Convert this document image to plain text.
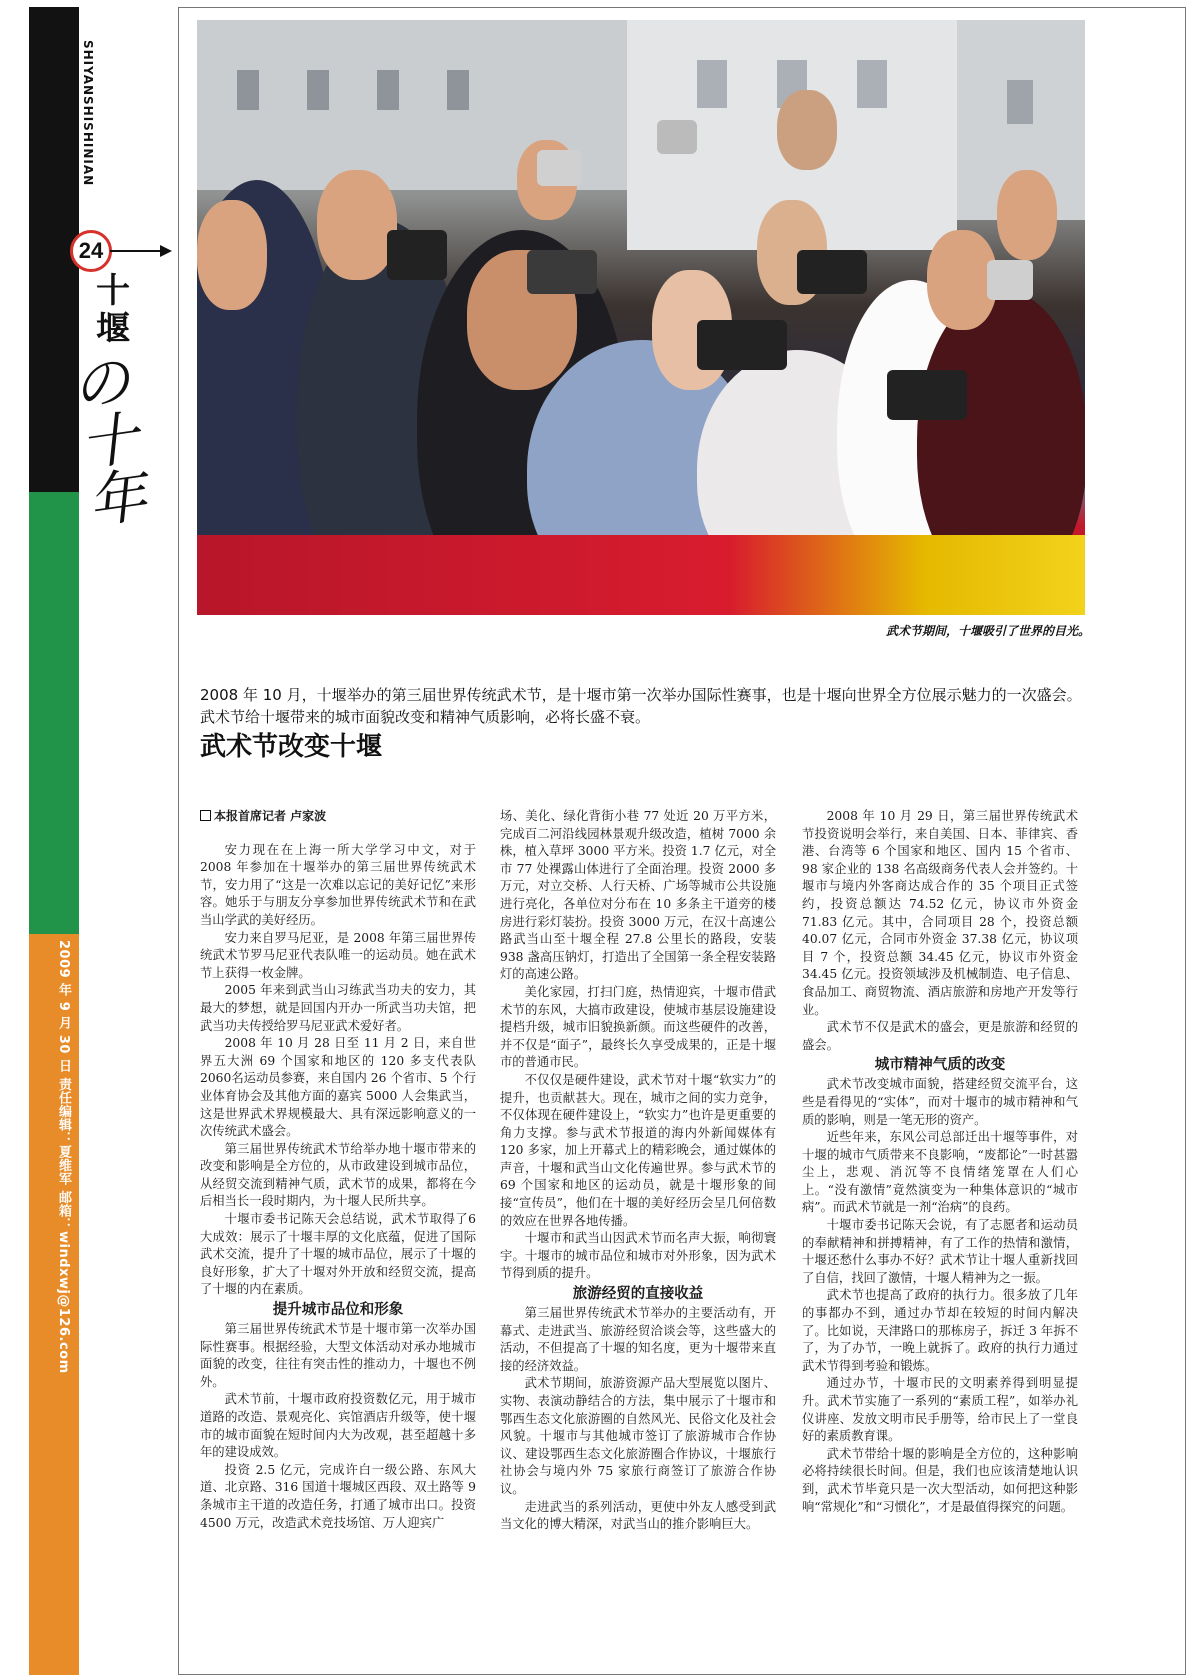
SHIYANSHISHINIAN
24
十堰
の十年
2009 年 9 月 30 日 责任编辑：夏维军 邮箱：windxwj@126.com
武术节期间，十堰吸引了世界的目光。
2008 年 10 月，十堰举办的第三届世界传统武术节，是十堰市第一次举办国际性赛事，也是十堰向世界全方位展示魅力的一次盛会。武术节给十堰带来的城市面貌改变和精神气质影响，必将长盛不衰。
武术节改变十堰

本报首席记者 卢家波

安力现在在上海一所大学学习中文，对于2008 年参加在十堰举办的第三届世界传统武术节，安力用了“这是一次难以忘记的美好记忆”来形容。她乐于与朋友分享参加世界传统武术节和在武当山学武的美好经历。

安力来自罗马尼亚，是 2008 年第三届世界传统武术节罗马尼亚代表队唯一的运动员。她在武术节上获得一枚金牌。

2005 年来到武当山习练武当功夫的安力，其最大的梦想，就是回国内开办一所武当功夫馆，把武当功夫传授给罗马尼亚武术爱好者。

2008 年 10 月 28 日至 11 月 2 日，来自世界五大洲 69 个国家和地区的 120 多支代表队 2060名运动员参赛，来自国内 26 个省市、5 个行业体育协会及其他方面的嘉宾 5000 人会集武当，这是世界武术界规模最大、具有深远影响意义的一次传统武术盛会。

第三届世界传统武术节给举办地十堰市带来的改变和影响是全方位的，从市政建设到城市品位，从经贸交流到精神气质，武术节的成果，都将在今后相当长一段时期内，为十堰人民所共享。

十堰市委书记陈天会总结说，武术节取得了6 大成效：展示了十堰丰厚的文化底蕴，促进了国际武术交流，提升了十堰的城市品位，展示了十堰的良好形象，扩大了十堰对外开放和经贸交流，提高了十堰的内在素质。

提升城市品位和形象

第三届世界传统武术节是十堰市第一次举办国际性赛事。根据经验，大型文体活动对承办地城市面貌的改变，往往有突击性的推动力，十堰也不例外。

武术节前，十堰市政府投资数亿元，用于城市道路的改造、景观亮化、宾馆酒店升级等，使十堰市的城市面貌在短时间内大为改观，甚至超越十多年的建设成效。

投资 2.5 亿元，完成许白一级公路、东风大道、北京路、316 国道十堰城区西段、双土路等 9条城市主干道的改造任务，打通了城市出口。投资 4500 万元，改造武术竞技场馆、万人迎宾广

场、美化、绿化背街小巷 77 处近 20 万平方米，完成百二河沿线园林景观升级改造，植树 7000 余株，植入草坪 3000 平方米。投资 1.7 亿元，对全市 77 处裸露山体进行了全面治理。投资 2000 多万元，对立交桥、人行天桥、广场等城市公共设施进行亮化，各单位对分布在 10 多条主干道旁的楼房进行彩灯装扮。投资 3000 万元，在汉十高速公路武当山至十堰全程 27.8 公里长的路段，安装 938 盏高压钠灯，打造出了全国第一条全程安装路灯的高速公路。

美化家园，打扫门庭，热情迎宾，十堰市借武术节的东风，大搞市政建设，使城市基层设施建设提档升级，城市旧貌换新颜。而这些硬件的改善，并不仅是“面子”，最终长久享受成果的，正是十堰市的普通市民。

不仅仅是硬件建设，武术节对十堰“软实力”的提升，也贡献甚大。现在，城市之间的实力竞争，不仅体现在硬件建设上，“软实力”也许是更重要的角力支撑。参与武术节报道的海内外新闻媒体有 120 多家，加上开幕式上的精彩晚会，通过媒体的声音，十堰和武当山文化传遍世界。参与武术节的 69 个国家和地区的运动员，就是十堰形象的间接“宣传员”，他们在十堰的美好经历会呈几何倍数的效应在世界各地传播。

十堰市和武当山因武术节而名声大振，响彻寰宇。十堰市的城市品位和城市对外形象，因为武术节得到质的提升。

旅游经贸的直接收益

第三届世界传统武术节举办的主要活动有，开幕式、走进武当、旅游经贸洽谈会等，这些盛大的活动，不但提高了十堰的知名度，更为十堰带来直接的经济效益。

武术节期间，旅游资源产品大型展览以图片、实物、表演动静结合的方法，集中展示了十堰市和鄂西生态文化旅游圈的自然风光、民俗文化及社会风貌。十堰市与其他城市签订了旅游城市合作协议、建设鄂西生态文化旅游圈合作协议，十堰旅行社协会与境内外 75 家旅行商签订了旅游合作协议。

走进武当的系列活动，更使中外友人感受到武当文化的博大精深，对武当山的推介影响巨大。

2008 年 10 月 29 日，第三届世界传统武术节投资说明会举行，来自美国、日本、菲律宾、香港、台湾等 6 个国家和地区、国内 15 个省市、98 家企业的 138 名高级商务代表人会并签约。十堰市与境内外客商达成合作的 35 个项目正式签约，投资总额达 74.52 亿元，协议市外资金 71.83 亿元。其中，合同项目 28 个，投资总额 40.07 亿元，合同市外资金 37.38 亿元，协议项目 7 个，投资总额 34.45 亿元，协议市外资金 34.45 亿元。投资领域涉及机械制造、电子信息、食品加工、商贸物流、酒店旅游和房地产开发等行业。

武术节不仅是武术的盛会，更是旅游和经贸的盛会。

城市精神气质的改变

武术节改变城市面貌，搭建经贸交流平台，这些是看得见的“实体”，而对十堰市的城市精神和气质的影响，则是一笔无形的资产。

近些年来，东风公司总部迁出十堰等事件，对十堰的城市气质带来不良影响，“废都论”一时甚嚣尘上，悲观、消沉等不良情绪笼罩在人们心上。“没有激情”竟然演变为一种集体意识的“城市病”。而武术节就是一剂“治病”的良药。

十堰市委书记陈天会说，有了志愿者和运动员的奉献精神和拼搏精神，有了工作的热情和激情，十堰还愁什么事办不好？武术节让十堰人重新找回了自信，找回了激情，十堰人精神为之一振。

武术节也提高了政府的执行力。很多放了几年的事都办不到，通过办节却在较短的时间内解决了。比如说，天津路口的那栋房子，拆迁 3 年拆不了，为了办节，一晚上就拆了。政府的执行力通过武术节得到考验和锻炼。

通过办节，十堰市民的文明素养得到明显提升。武术节实施了一系列的“素质工程”，如举办礼仪讲座、发放文明市民手册等，给市民上了一堂良好的素质教育课。

武术节带给十堰的影响是全方位的，这种影响必将持续很长时间。但是，我们也应该清楚地认识到，武术节毕竟只是一次大型活动，如何把这种影响“常规化”和“习惯化”，才是最值得探究的问题。
